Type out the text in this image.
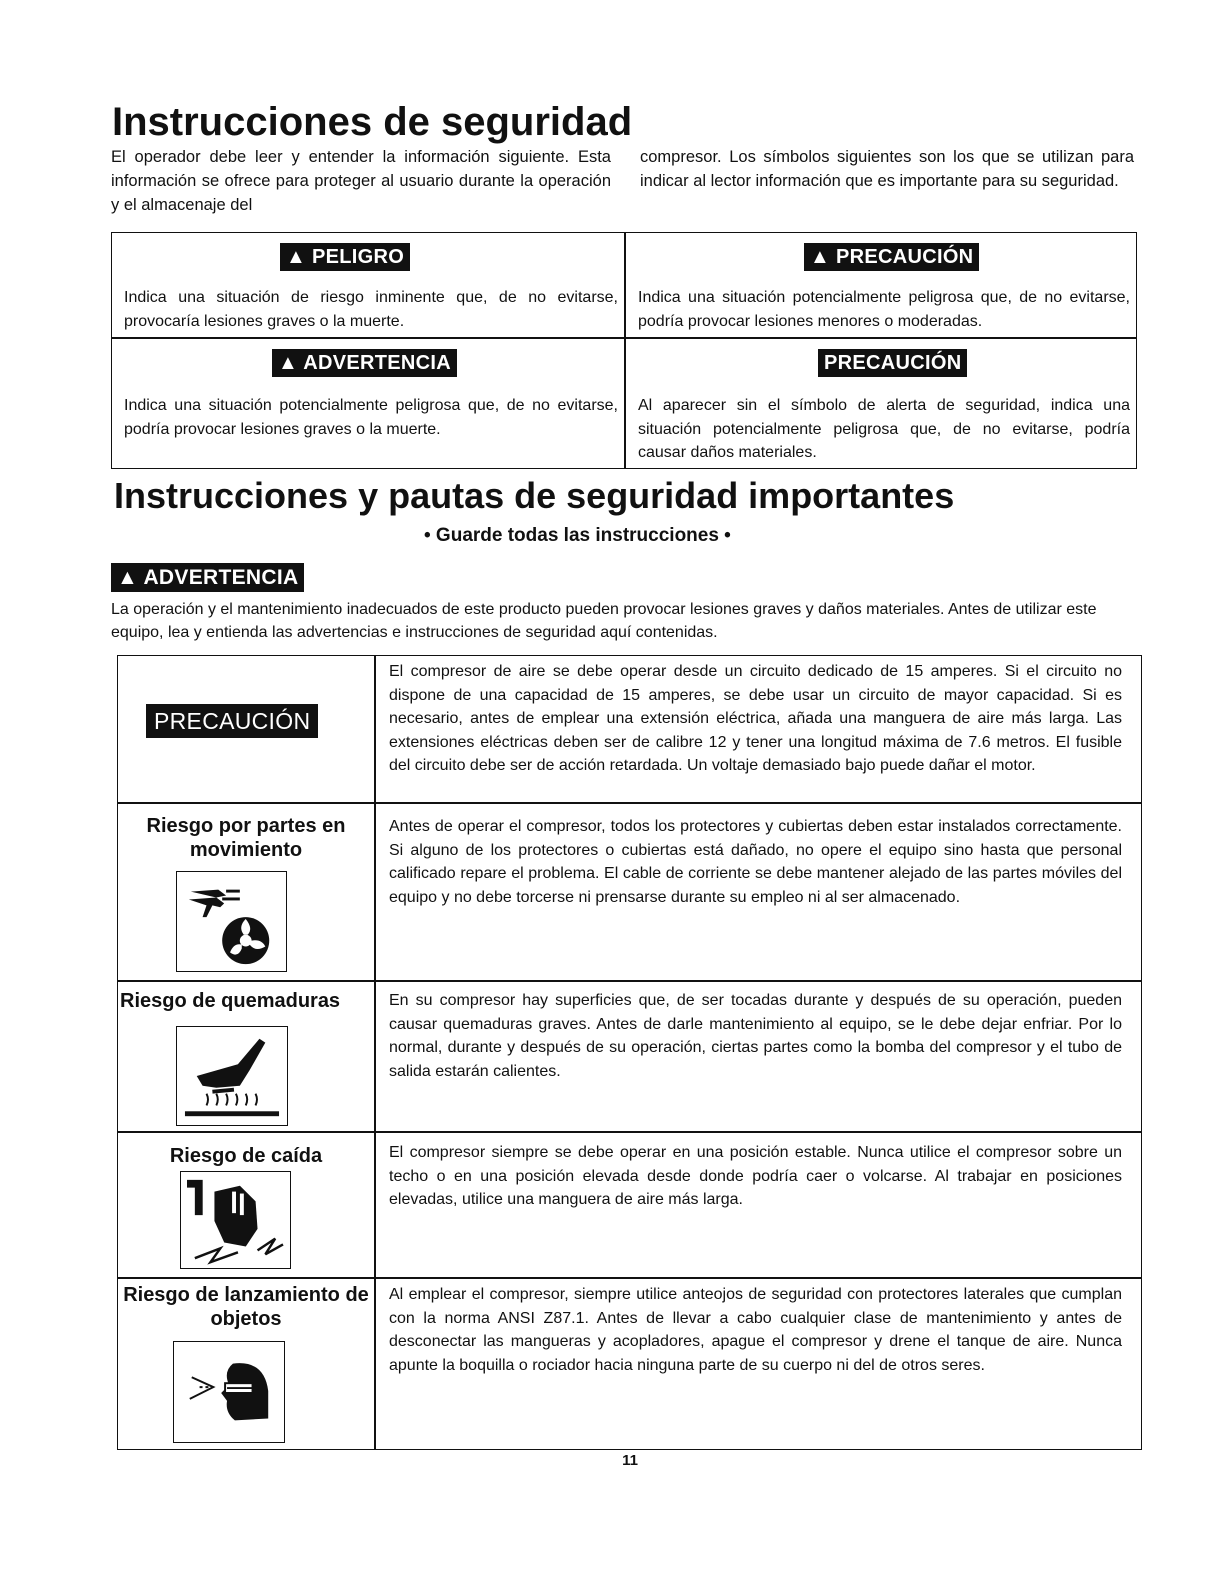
Instrucciones de seguridad
El operador debe leer y entender la información siguiente. Esta información se ofrece para proteger al usuario durante la operación y el almacenaje del
compresor. Los símbolos siguientes son los que se utilizan para indicar al lector información que es importante para su seguridad.
▲ PELIGRO
Indica una situación de riesgo inminente que, de no evitarse, provocaría lesiones graves o la muerte.
▲ PRECAUCIÓN
Indica una situación potencialmente peligrosa que, de no evitarse, podría provocar lesiones menores o moderadas.
▲ ADVERTENCIA
Indica una situación potencialmente peligrosa que, de no evitarse, podría provocar lesiones graves o la muerte.
PRECAUCIÓN
Al aparecer sin el símbolo de alerta de seguridad, indica una situación potencialmente peligrosa que, de no evitarse, podría causar daños materiales.
Instrucciones y pautas de seguridad importantes
• Guarde todas las instrucciones •
▲ ADVERTENCIA
La operación y el mantenimiento inadecuados de este producto pueden provocar lesiones graves y daños materiales. Antes de utilizar este equipo, lea y entienda las advertencias e instrucciones de seguridad aquí contenidas.
PRECAUCIÓN
El compresor de aire se debe operar desde un circuito dedicado de 15 amperes. Si el circuito no dispone de una capacidad de 15 amperes, se debe usar un circuito de mayor capacidad. Si es necesario, antes de emplear una extensión eléctrica, añada una manguera de aire más larga. Las extensiones eléctricas deben ser de calibre 12 y tener una longitud máxima de 7.6 metros. El fusible del circuito debe ser de acción retardada. Un voltaje demasiado bajo puede dañar el motor.
Riesgo por partes en movimiento
Antes de operar el compresor, todos los protectores y cubiertas deben estar instalados correctamente. Si alguno de los protectores o cubiertas está dañado, no opere el equipo sino hasta que personal calificado repare el problema. El cable de corriente se debe mantener alejado de las partes móviles del equipo y no debe torcerse ni prensarse durante su empleo ni al ser almacenado.
Riesgo de quemaduras	En su compresor hay superficies que, de ser tocadas durante y después de su operación, pueden causar quemaduras graves. Antes de darle mantenimiento al equipo, se le debe dejar enfriar. Por lo normal, durante y después de su operación, ciertas partes como la bomba del compresor y el tubo de salida estarán calientes.
Riesgo de caída	El compresor siempre se debe operar en una posición estable. Nunca utilice el compresor sobre un techo o en una posición elevada desde donde podría caer o volcarse. Al trabajar en posiciones elevadas, utilice una manguera de aire más larga.
Riesgo de lanzamiento de objetos
Al emplear el compresor, siempre utilice anteojos de seguridad con protectores laterales que cumplan con la norma ANSI Z87.1. Antes de llevar a cabo cualquier clase de mantenimiento y antes de desconectar las mangueras y acopladores, apague el compresor y drene el tanque de aire. Nunca apunte la boquilla o rociador hacia ninguna parte de su cuerpo ni del de otros seres.
11
